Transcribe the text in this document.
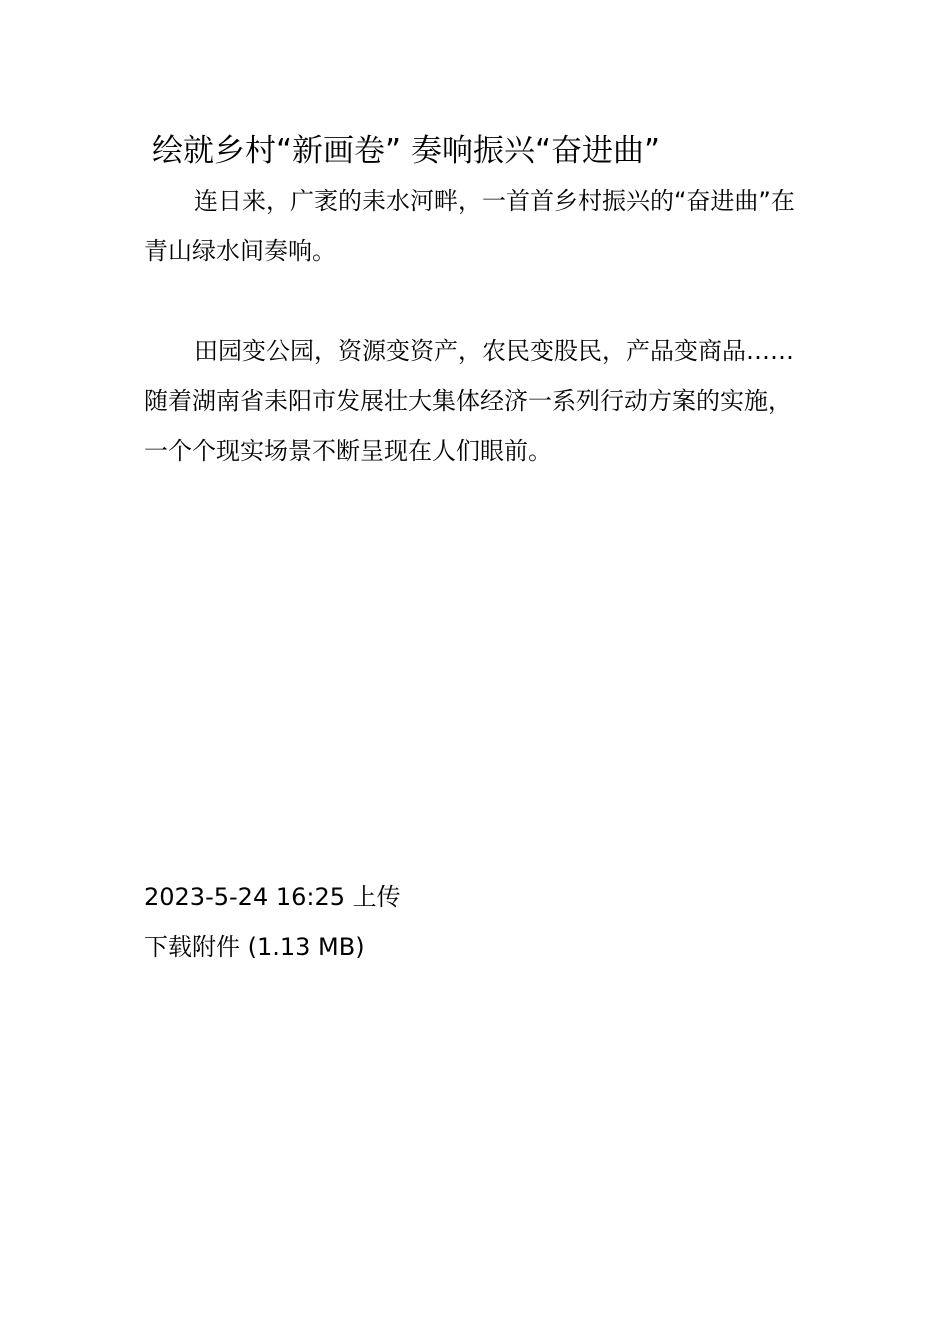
绘就乡村“新画卷” 奏响振兴“奋进曲”

连日来，广袤的耒水河畔，一首首乡村振兴的“奋进曲”在青山绿水间奏响。

田园变公园，资源变资产，农民变股民，产品变商品……随着湖南省耒阳市发展壮大集体经济一系列行动方案的实施，一个个现实场景不断呈现在人们眼前。

2023-5-24 16:25 上传
下载附件 (1.13 MB)
